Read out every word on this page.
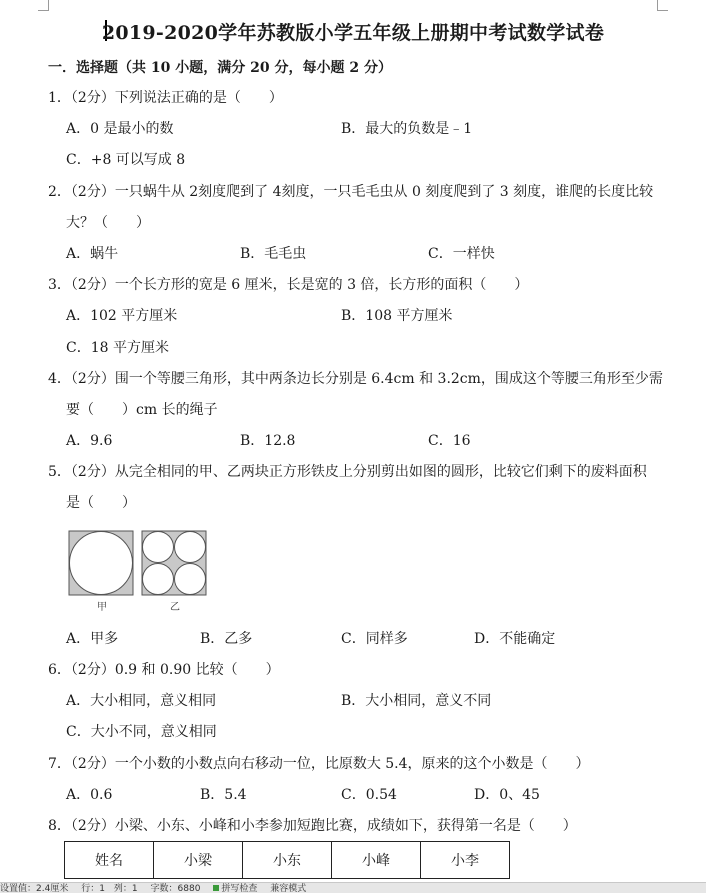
2019-2020学年苏教版小学五年级上册期中考试数学试卷
一．选择题（共 10 小题，满分 20 分，每小题 2 分）
1．（2分）下列说法正确的是（　　）
A．0 是最小的数	B．最大的负数是﹣1
C．+8 可以写成 8
2．（2分）一只蜗牛从 2刻度爬到了 4刻度，一只毛毛虫从 0 刻度爬到了 3 刻度，谁爬的长度比较
大？（　　）
A．蜗牛	B．毛毛虫	C．一样快
3．（2分）一个长方形的宽是 6 厘米，长是宽的 3 倍，长方形的面积（　　）
A．102 平方厘米	B．108 平方厘米
C．18 平方厘米
4．（2分）围一个等腰三角形，其中两条边长分别是 6.4cm 和 3.2cm，围成这个等腰三角形至少需
要（　　）cm 长的绳子
A．9.6	B．12.8	C．16
5．（2分）从完全相同的甲、乙两块正方形铁皮上分别剪出如图的圆形，比较它们剩下的废料面积
是（　　）
甲	乙
A．甲多	B．乙多	C．同样多	D．不能确定
6．（2分）0.9 和 0.90 比较（　　）
A．大小相同，意义相同	B．大小相同，意义不同
C．大小不同，意义相同
7．（2分）一个小数的小数点向右移动一位，比原数大 5.4，原来的这个小数是（　　）
A．0.6	B．5.4	C．0.54	D．0、45
8．（2分）小梁、小东、小峰和小李参加短跑比赛，成绩如下，获得第一名是（　　）
姓名	小梁	小东	小峰	小李
设置值：2.4厘米 行：1　列：1 字数：6880 拼写检查 兼容模式
